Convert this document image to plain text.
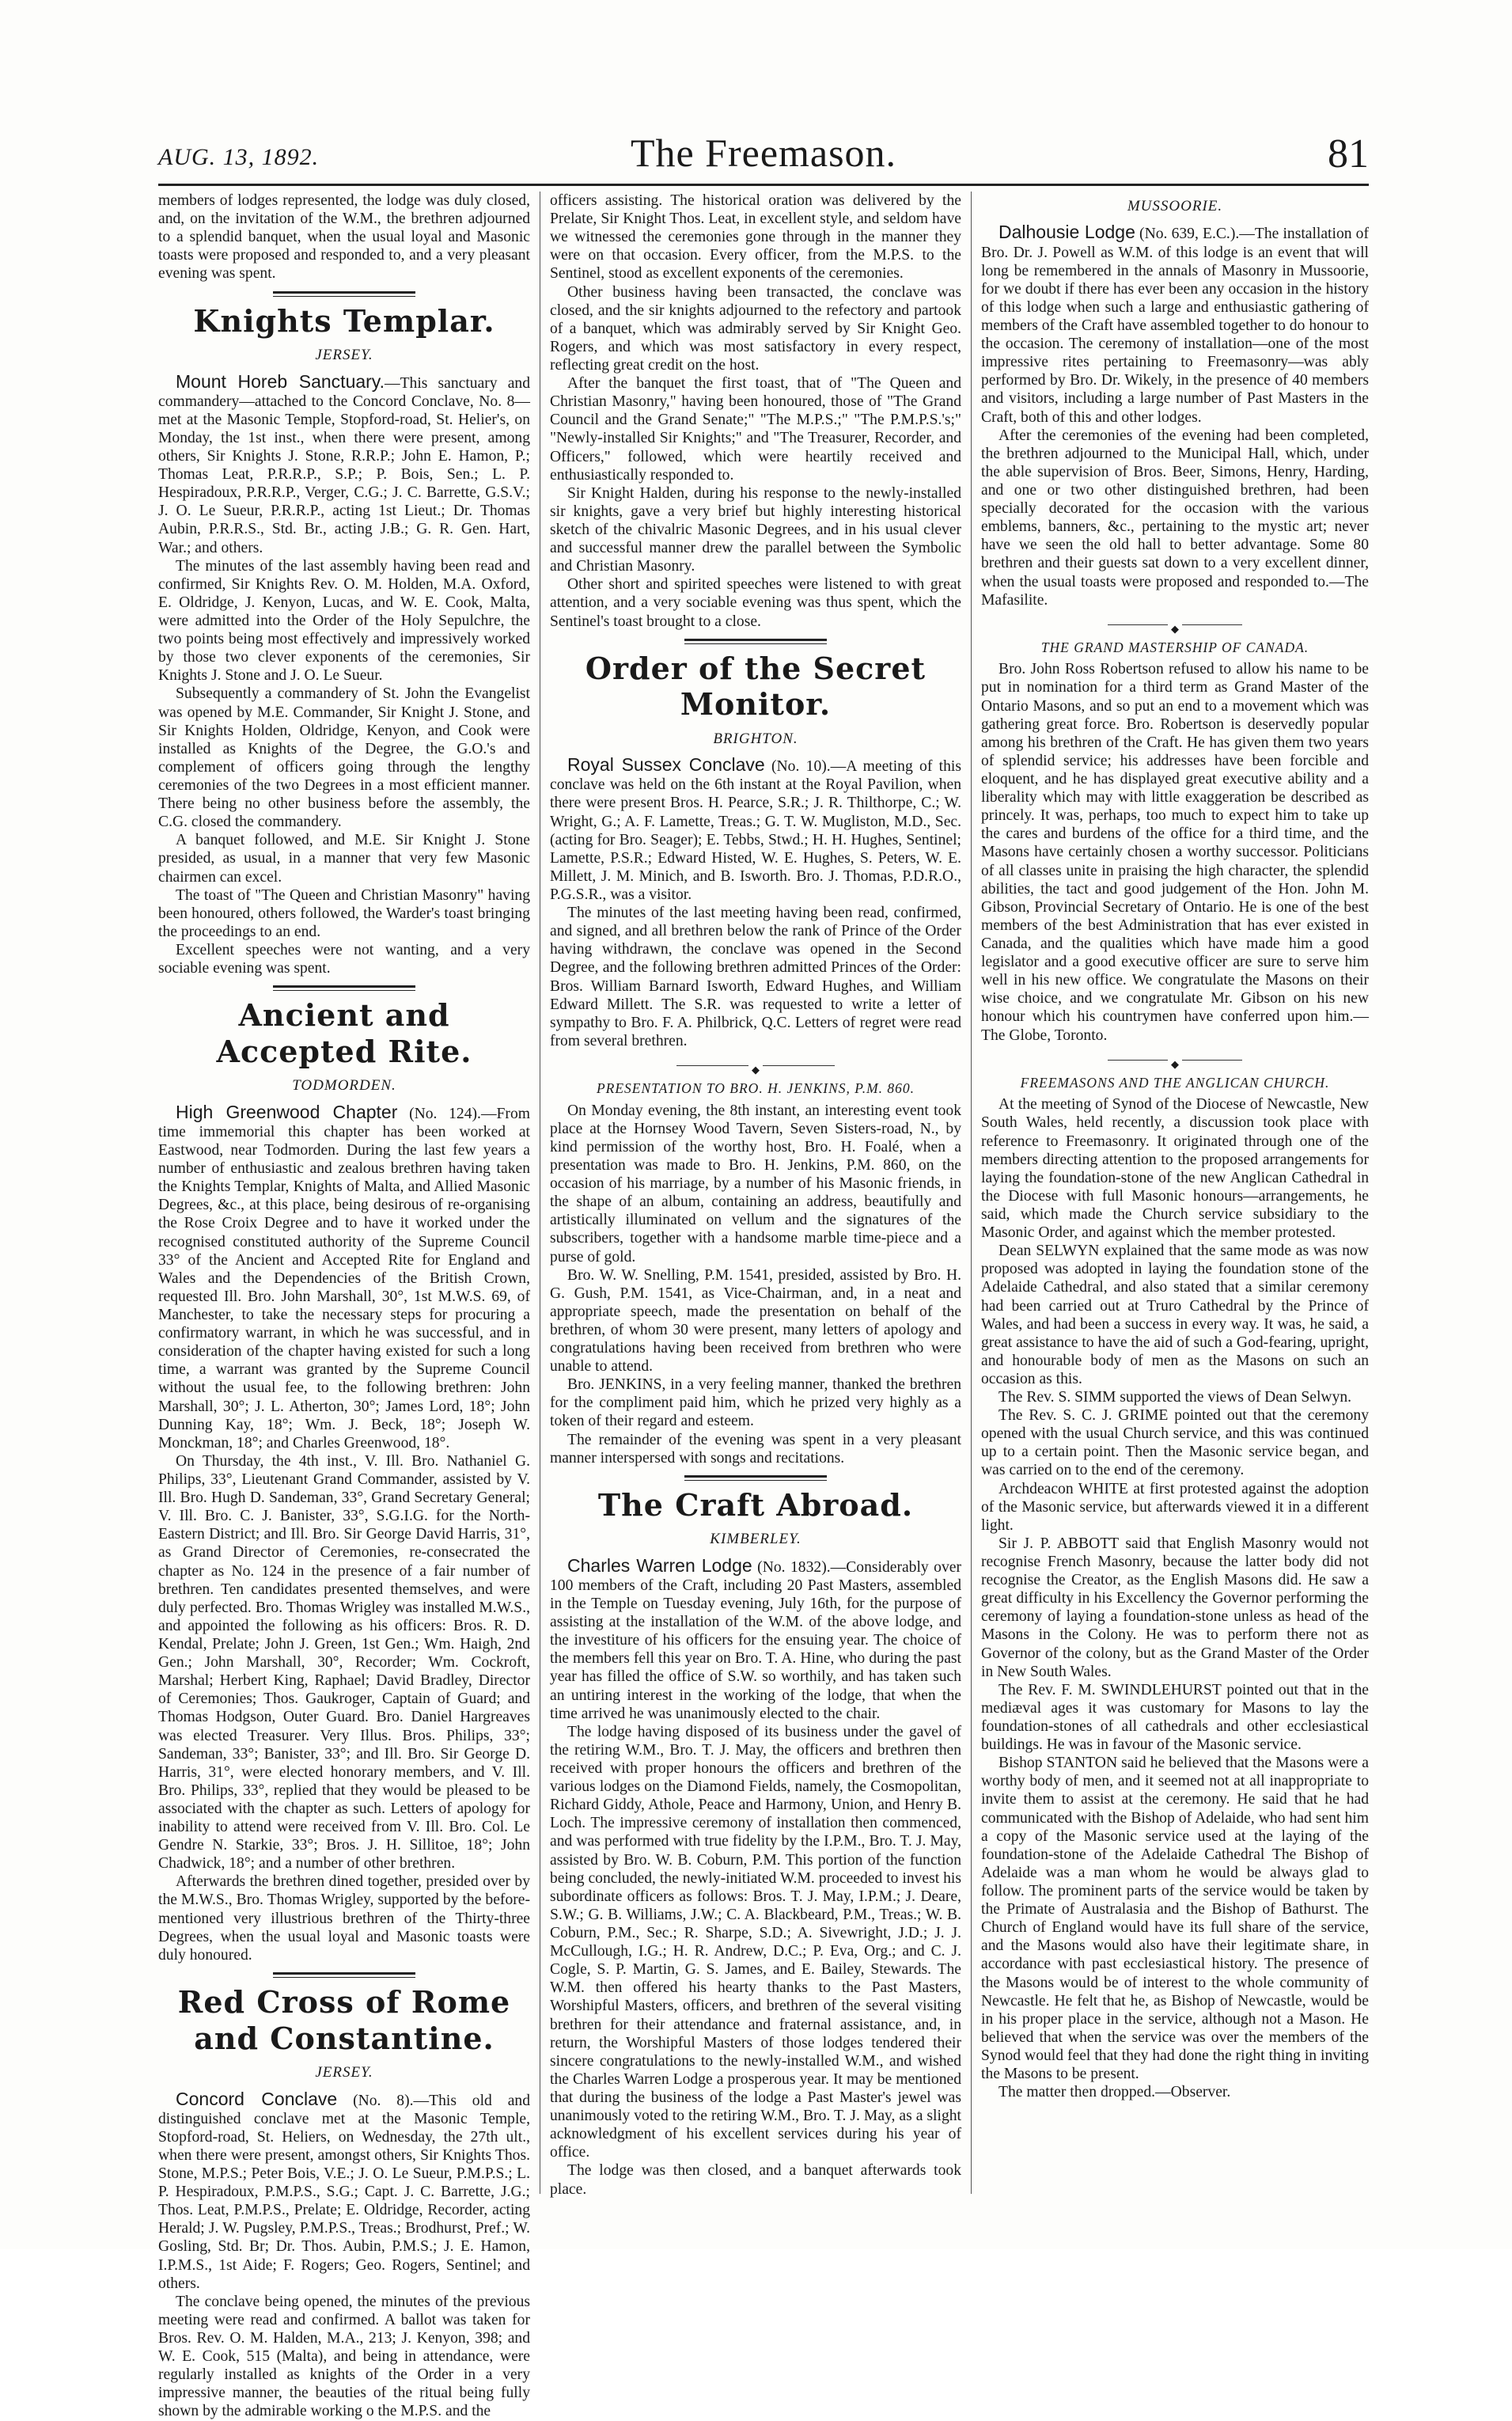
AUG. 13, 1892.	The Freemason.	81

members of lodges represented, the lodge was duly closed, and, on the invitation of the W.M., the brethren adjourned to a splendid banquet, when the usual loyal and Masonic toasts were proposed and responded to, and a very pleasant evening was spent.

Knights Templar.
JERSEY.

Mount Horeb Sanctuary.—This sanctuary and commandery—attached to the Concord Conclave, No. 8—met at the Masonic Temple, Stopford-road, St. Helier's, on Monday, the 1st inst., when there were present, among others, Sir Knights J. Stone, R.R.P.; John E. Hamon, P.; Thomas Leat, P.R.R.P., S.P.; P. Bois, Sen.; L. P. Hespiradoux, P.R.R.P., Verger, C.G.; J. C. Barrette, G.S.V.; J. O. Le Sueur, P.R.R.P., acting 1st Lieut.; Dr. Thomas Aubin, P.R.R.S., Std. Br., acting J.B.; G. R. Gen. Hart, War.; and others.

The minutes of the last assembly having been read and confirmed, Sir Knights Rev. O. M. Holden, M.A. Oxford, E. Oldridge, J. Kenyon, Lucas, and W. E. Cook, Malta, were admitted into the Order of the Holy Sepulchre, the two points being most effectively and impressively worked by those two clever exponents of the ceremonies, Sir Knights J. Stone and J. O. Le Sueur.

Subsequently a commandery of St. John the Evangelist was opened by M.E. Commander, Sir Knight J. Stone, and Sir Knights Holden, Oldridge, Kenyon, and Cook were installed as Knights of the Degree, the G.O.'s and complement of officers going through the lengthy ceremonies of the two Degrees in a most efficient manner. There being no other business before the assembly, the C.G. closed the commandery.

A banquet followed, and M.E. Sir Knight J. Stone presided, as usual, in a manner that very few Masonic chairmen can excel.

The toast of "The Queen and Christian Masonry" having been honoured, others followed, the Warder's toast bringing the proceedings to an end.

Excellent speeches were not wanting, and a very sociable evening was spent.

Ancient and Accepted Rite.
TODMORDEN.

High Greenwood Chapter (No. 124).—From time immemorial this chapter has been worked at Eastwood, near Todmorden. During the last few years a number of enthusiastic and zealous brethren having taken the Knights Templar, Knights of Malta, and Allied Masonic Degrees, &c., at this place, being desirous of re-organising the Rose Croix Degree and to have it worked under the recognised constituted authority of the Supreme Council 33° of the Ancient and Accepted Rite for England and Wales and the Dependencies of the British Crown, requested Ill. Bro. John Marshall, 30°, 1st M.W.S. 69, of Manchester, to take the necessary steps for procuring a confirmatory warrant, in which he was successful, and in consideration of the chapter having existed for such a long time, a warrant was granted by the Supreme Council without the usual fee, to the following brethren: John Marshall, 30°; J. L. Atherton, 30°; James Lord, 18°; John Dunning Kay, 18°; Wm. J. Beck, 18°; Joseph W. Monckman, 18°; and Charles Greenwood, 18°.

On Thursday, the 4th inst., V. Ill. Bro. Nathaniel G. Philips, 33°, Lieutenant Grand Commander, assisted by V. Ill. Bro. Hugh D. Sandeman, 33°, Grand Secretary General; V. Ill. Bro. C. J. Banister, 33°, S.G.I.G. for the North-Eastern District; and Ill. Bro. Sir George David Harris, 31°, as Grand Director of Ceremonies, re-consecrated the chapter as No. 124 in the presence of a fair number of brethren. Ten candidates presented themselves, and were duly perfected. Bro. Thomas Wrigley was installed M.W.S., and appointed the following as his officers: Bros. R. D. Kendal, Prelate; John J. Green, 1st Gen.; Wm. Haigh, 2nd Gen.; John Marshall, 30°, Recorder; Wm. Cockroft, Marshal; Herbert King, Raphael; David Bradley, Director of Ceremonies; Thos. Gaukroger, Captain of Guard; and Thomas Hodgson, Outer Guard. Bro. Daniel Hargreaves was elected Treasurer. Very Illus. Bros. Philips, 33°; Sandeman, 33°; Banister, 33°; and Ill. Bro. Sir George D. Harris, 31°, were elected honorary members, and V. Ill. Bro. Philips, 33°, replied that they would be pleased to be associated with the chapter as such. Letters of apology for inability to attend were received from V. Ill. Bro. Col. Le Gendre N. Starkie, 33°; Bros. J. H. Sillitoe, 18°; John Chadwick, 18°; and a number of other brethren.

Afterwards the brethren dined together, presided over by the M.W.S., Bro. Thomas Wrigley, supported by the before-mentioned very illustrious brethren of the Thirty-three Degrees, when the usual loyal and Masonic toasts were duly honoured.

Red Cross of Rome and Constantine.
JERSEY.

Concord Conclave (No. 8).—This old and distinguished conclave met at the Masonic Temple, Stopford-road, St. Heliers, on Wednesday, the 27th ult., when there were present, amongst others, Sir Knights Thos. Stone, M.P.S.; Peter Bois, V.E.; J. O. Le Sueur, P.M.P.S.; L. P. Hespiradoux, P.M.P.S., S.G.; Capt. J. C. Barrette, J.G.; Thos. Leat, P.M.P.S., Prelate; E. Oldridge, Recorder, acting Herald; J. W. Pugsley, P.M.P.S., Treas.; Brodhurst, Pref.; W. Gosling, Std. Br; Dr. Thos. Aubin, P.M.S.; J. E. Hamon, I.P.M.S., 1st Aide; F. Rogers; Geo. Rogers, Sentinel; and others.

The conclave being opened, the minutes of the previous meeting were read and confirmed. A ballot was taken for Bros. Rev. O. M. Halden, M.A., 213; J. Kenyon, 398; and W. E. Cook, 515 (Malta), and being in attendance, were regularly installed as knights of the Order in a very impressive manner, the beauties of the ritual being fully shown by the admirable working o the M.P.S. and the

officers assisting. The historical oration was delivered by the Prelate, Sir Knight Thos. Leat, in excellent style, and seldom have we witnessed the ceremonies gone through in the manner they were on that occasion. Every officer, from the M.P.S. to the Sentinel, stood as excellent exponents of the ceremonies.

Other business having been transacted, the conclave was closed, and the sir knights adjourned to the refectory and partook of a banquet, which was admirably served by Sir Knight Geo. Rogers, and which was most satisfactory in every respect, reflecting great credit on the host.

After the banquet the first toast, that of "The Queen and Christian Masonry," having been honoured, those of "The Grand Council and the Grand Senate;" "The M.P.S.;" "The P.M.P.S.'s;" "Newly-installed Sir Knights;" and "The Treasurer, Recorder, and Officers," followed, which were heartily received and enthusiastically responded to.

Sir Knight Halden, during his response to the newly-installed sir knights, gave a very brief but highly interesting historical sketch of the chivalric Masonic Degrees, and in his usual clever and successful manner drew the parallel between the Symbolic and Christian Masonry.

Other short and spirited speeches were listened to with great attention, and a very sociable evening was thus spent, which the Sentinel's toast brought to a close.

Order of the Secret Monitor.
BRIGHTON.

Royal Sussex Conclave (No. 10).—A meeting of this conclave was held on the 6th instant at the Royal Pavilion, when there were present Bros. H. Pearce, S.R.; J. R. Thilthorpe, C.; W. Wright, G.; A. F. Lamette, Treas.; G. T. W. Mugliston, M.D., Sec. (acting for Bro. Seager); E. Tebbs, Stwd.; H. H. Hughes, Sentinel; Lamette, P.S.R.; Edward Histed, W. E. Hughes, S. Peters, W. E. Millett, J. M. Minich, and B. Isworth. Bro. J. Thomas, P.D.R.O., P.G.S.R., was a visitor.

The minutes of the last meeting having been read, confirmed, and signed, and all brethren below the rank of Prince of the Order having withdrawn, the conclave was opened in the Second Degree, and the following brethren admitted Princes of the Order: Bros. William Barnard Isworth, Edward Hughes, and William Edward Millett. The S.R. was requested to write a letter of sympathy to Bro. F. A. Philbrick, Q.C. Letters of regret were read from several brethren.

◆
PRESENTATION TO BRO. H. JENKINS, P.M. 860.

On Monday evening, the 8th instant, an interesting event took place at the Hornsey Wood Tavern, Seven Sisters-road, N., by kind permission of the worthy host, Bro. H. Foalé, when a presentation was made to Bro. H. Jenkins, P.M. 860, on the occasion of his marriage, by a number of his Masonic friends, in the shape of an album, containing an address, beautifully and artistically illuminated on vellum and the signatures of the subscribers, together with a handsome marble time-piece and a purse of gold.

Bro. W. W. Snelling, P.M. 1541, presided, assisted by Bro. H. G. Gush, P.M. 1541, as Vice-Chairman, and, in a neat and appropriate speech, made the presentation on behalf of the brethren, of whom 30 were present, many letters of apology and congratulations having been received from brethren who were unable to attend.

Bro. JENKINS, in a very feeling manner, thanked the brethren for the compliment paid him, which he prized very highly as a token of their regard and esteem.

The remainder of the evening was spent in a very pleasant manner interspersed with songs and recitations.

The Craft Abroad.
KIMBERLEY.

Charles Warren Lodge (No. 1832).—Considerably over 100 members of the Craft, including 20 Past Masters, assembled in the Temple on Tuesday evening, July 16th, for the purpose of assisting at the installation of the W.M. of the above lodge, and the investiture of his officers for the ensuing year. The choice of the members fell this year on Bro. T. A. Hine, who during the past year has filled the office of S.W. so worthily, and has taken such an untiring interest in the working of the lodge, that when the time arrived he was unanimously elected to the chair.

The lodge having disposed of its business under the gavel of the retiring W.M., Bro. T. J. May, the officers and brethren then received with proper honours the officers and brethren of the various lodges on the Diamond Fields, namely, the Cosmopolitan, Richard Giddy, Athole, Peace and Harmony, Union, and Henry B. Loch. The impressive ceremony of installation then commenced, and was performed with true fidelity by the I.P.M., Bro. T. J. May, assisted by Bro. W. B. Coburn, P.M. This portion of the function being concluded, the newly-initiated W.M. proceeded to invest his subordinate officers as follows: Bros. T. J. May, I.P.M.; J. Deare, S.W.; G. B. Williams, J.W.; C. A. Blackbeard, P.M., Treas.; W. B. Coburn, P.M., Sec.; R. Sharpe, S.D.; A. Sivewright, J.D.; J. J. McCullough, I.G.; H. R. Andrew, D.C.; P. Eva, Org.; and C. J. Cogle, S. P. Martin, G. S. James, and E. Bailey, Stewards. The W.M. then offered his hearty thanks to the Past Masters, Worshipful Masters, officers, and brethren of the several visiting brethren for their attendance and fraternal assistance, and, in return, the Worshipful Masters of those lodges tendered their sincere congratulations to the newly-installed W.M., and wished the Charles Warren Lodge a prosperous year. It may be mentioned that during the business of the lodge a Past Master's jewel was unanimously voted to the retiring W.M., Bro. T. J. May, as a slight acknowledgment of his excellent services during his year of office.

The lodge was then closed, and a banquet afterwards took place.

MUSSOORIE.

Dalhousie Lodge (No. 639, E.C.).—The installation of Bro. Dr. J. Powell as W.M. of this lodge is an event that will long be remembered in the annals of Masonry in Mussoorie, for we doubt if there has ever been any occasion in the history of this lodge when such a large and enthusiastic gathering of members of the Craft have assembled together to do honour to the occasion. The ceremony of installation—one of the most impressive rites pertaining to Freemasonry—was ably performed by Bro. Dr. Wikely, in the presence of 40 members and visitors, including a large number of Past Masters in the Craft, both of this and other lodges.

After the ceremonies of the evening had been completed, the brethren adjourned to the Municipal Hall, which, under the able supervision of Bros. Beer, Simons, Henry, Harding, and one or two other distinguished brethren, had been specially decorated for the occasion with the various emblems, banners, &c., pertaining to the mystic art; never have we seen the old hall to better advantage. Some 80 brethren and their guests sat down to a very excellent dinner, when the usual toasts were proposed and responded to.—The Mafasilite.

◆
THE GRAND MASTERSHIP OF CANADA.

Bro. John Ross Robertson refused to allow his name to be put in nomination for a third term as Grand Master of the Ontario Masons, and so put an end to a movement which was gathering great force. Bro. Robertson is deservedly popular among his brethren of the Craft. He has given them two years of splendid service; his addresses have been forcible and eloquent, and he has displayed great executive ability and a liberality which may with little exaggeration be described as princely. It was, perhaps, too much to expect him to take up the cares and burdens of the office for a third time, and the Masons have certainly chosen a worthy successor. Politicians of all classes unite in praising the high character, the splendid abilities, the tact and good judgement of the Hon. John M. Gibson, Provincial Secretary of Ontario. He is one of the best members of the best Administration that has ever existed in Canada, and the qualities which have made him a good legislator and a good executive officer are sure to serve him well in his new office. We congratulate the Masons on their wise choice, and we congratulate Mr. Gibson on his new honour which his countrymen have conferred upon him.—The Globe, Toronto.

◆
FREEMASONS AND THE ANGLICAN CHURCH.

At the meeting of Synod of the Diocese of Newcastle, New South Wales, held recently, a discussion took place with reference to Freemasonry. It originated through one of the members directing attention to the proposed arrangements for laying the foundation-stone of the new Anglican Cathedral in the Diocese with full Masonic honours—arrangements, he said, which made the Church service subsidiary to the Masonic Order, and against which the member protested.

Dean SELWYN explained that the same mode as was now proposed was adopted in laying the foundation stone of the Adelaide Cathedral, and also stated that a similar ceremony had been carried out at Truro Cathedral by the Prince of Wales, and had been a success in every way. It was, he said, a great assistance to have the aid of such a God-fearing, upright, and honourable body of men as the Masons on such an occasion as this.

The Rev. S. SIMM supported the views of Dean Selwyn.

The Rev. S. C. J. GRIME pointed out that the ceremony opened with the usual Church service, and this was continued up to a certain point. Then the Masonic service began, and was carried on to the end of the ceremony.

Archdeacon WHITE at first protested against the adoption of the Masonic service, but afterwards viewed it in a different light.

Sir J. P. ABBOTT said that English Masonry would not recognise French Masonry, because the latter body did not recognise the Creator, as the English Masons did. He saw a great difficulty in his Excellency the Governor performing the ceremony of laying a foundation-stone unless as head of the Masons in the Colony. He was to perform there not as Governor of the colony, but as the Grand Master of the Order in New South Wales.

The Rev. F. M. SWINDLEHURST pointed out that in the mediæval ages it was customary for Masons to lay the foundation-stones of all cathedrals and other ecclesiastical buildings. He was in favour of the Masonic service.

Bishop STANTON said he believed that the Masons were a worthy body of men, and it seemed not at all inappropriate to invite them to assist at the ceremony. He said that he had communicated with the Bishop of Adelaide, who had sent him a copy of the Masonic service used at the laying of the foundation-stone of the Adelaide Cathedral The Bishop of Adelaide was a man whom he would be always glad to follow. The prominent parts of the service would be taken by the Primate of Australasia and the Bishop of Bathurst. The Church of England would have its full share of the service, and the Masons would also have their legitimate share, in accordance with past ecclesiastical history. The presence of the Masons would be of interest to the whole community of Newcastle. He felt that he, as Bishop of Newcastle, would be in his proper place in the service, although not a Mason. He believed that when the service was over the members of the Synod would feel that they had done the right thing in inviting the Masons to be present.

The matter then dropped.—Observer.
